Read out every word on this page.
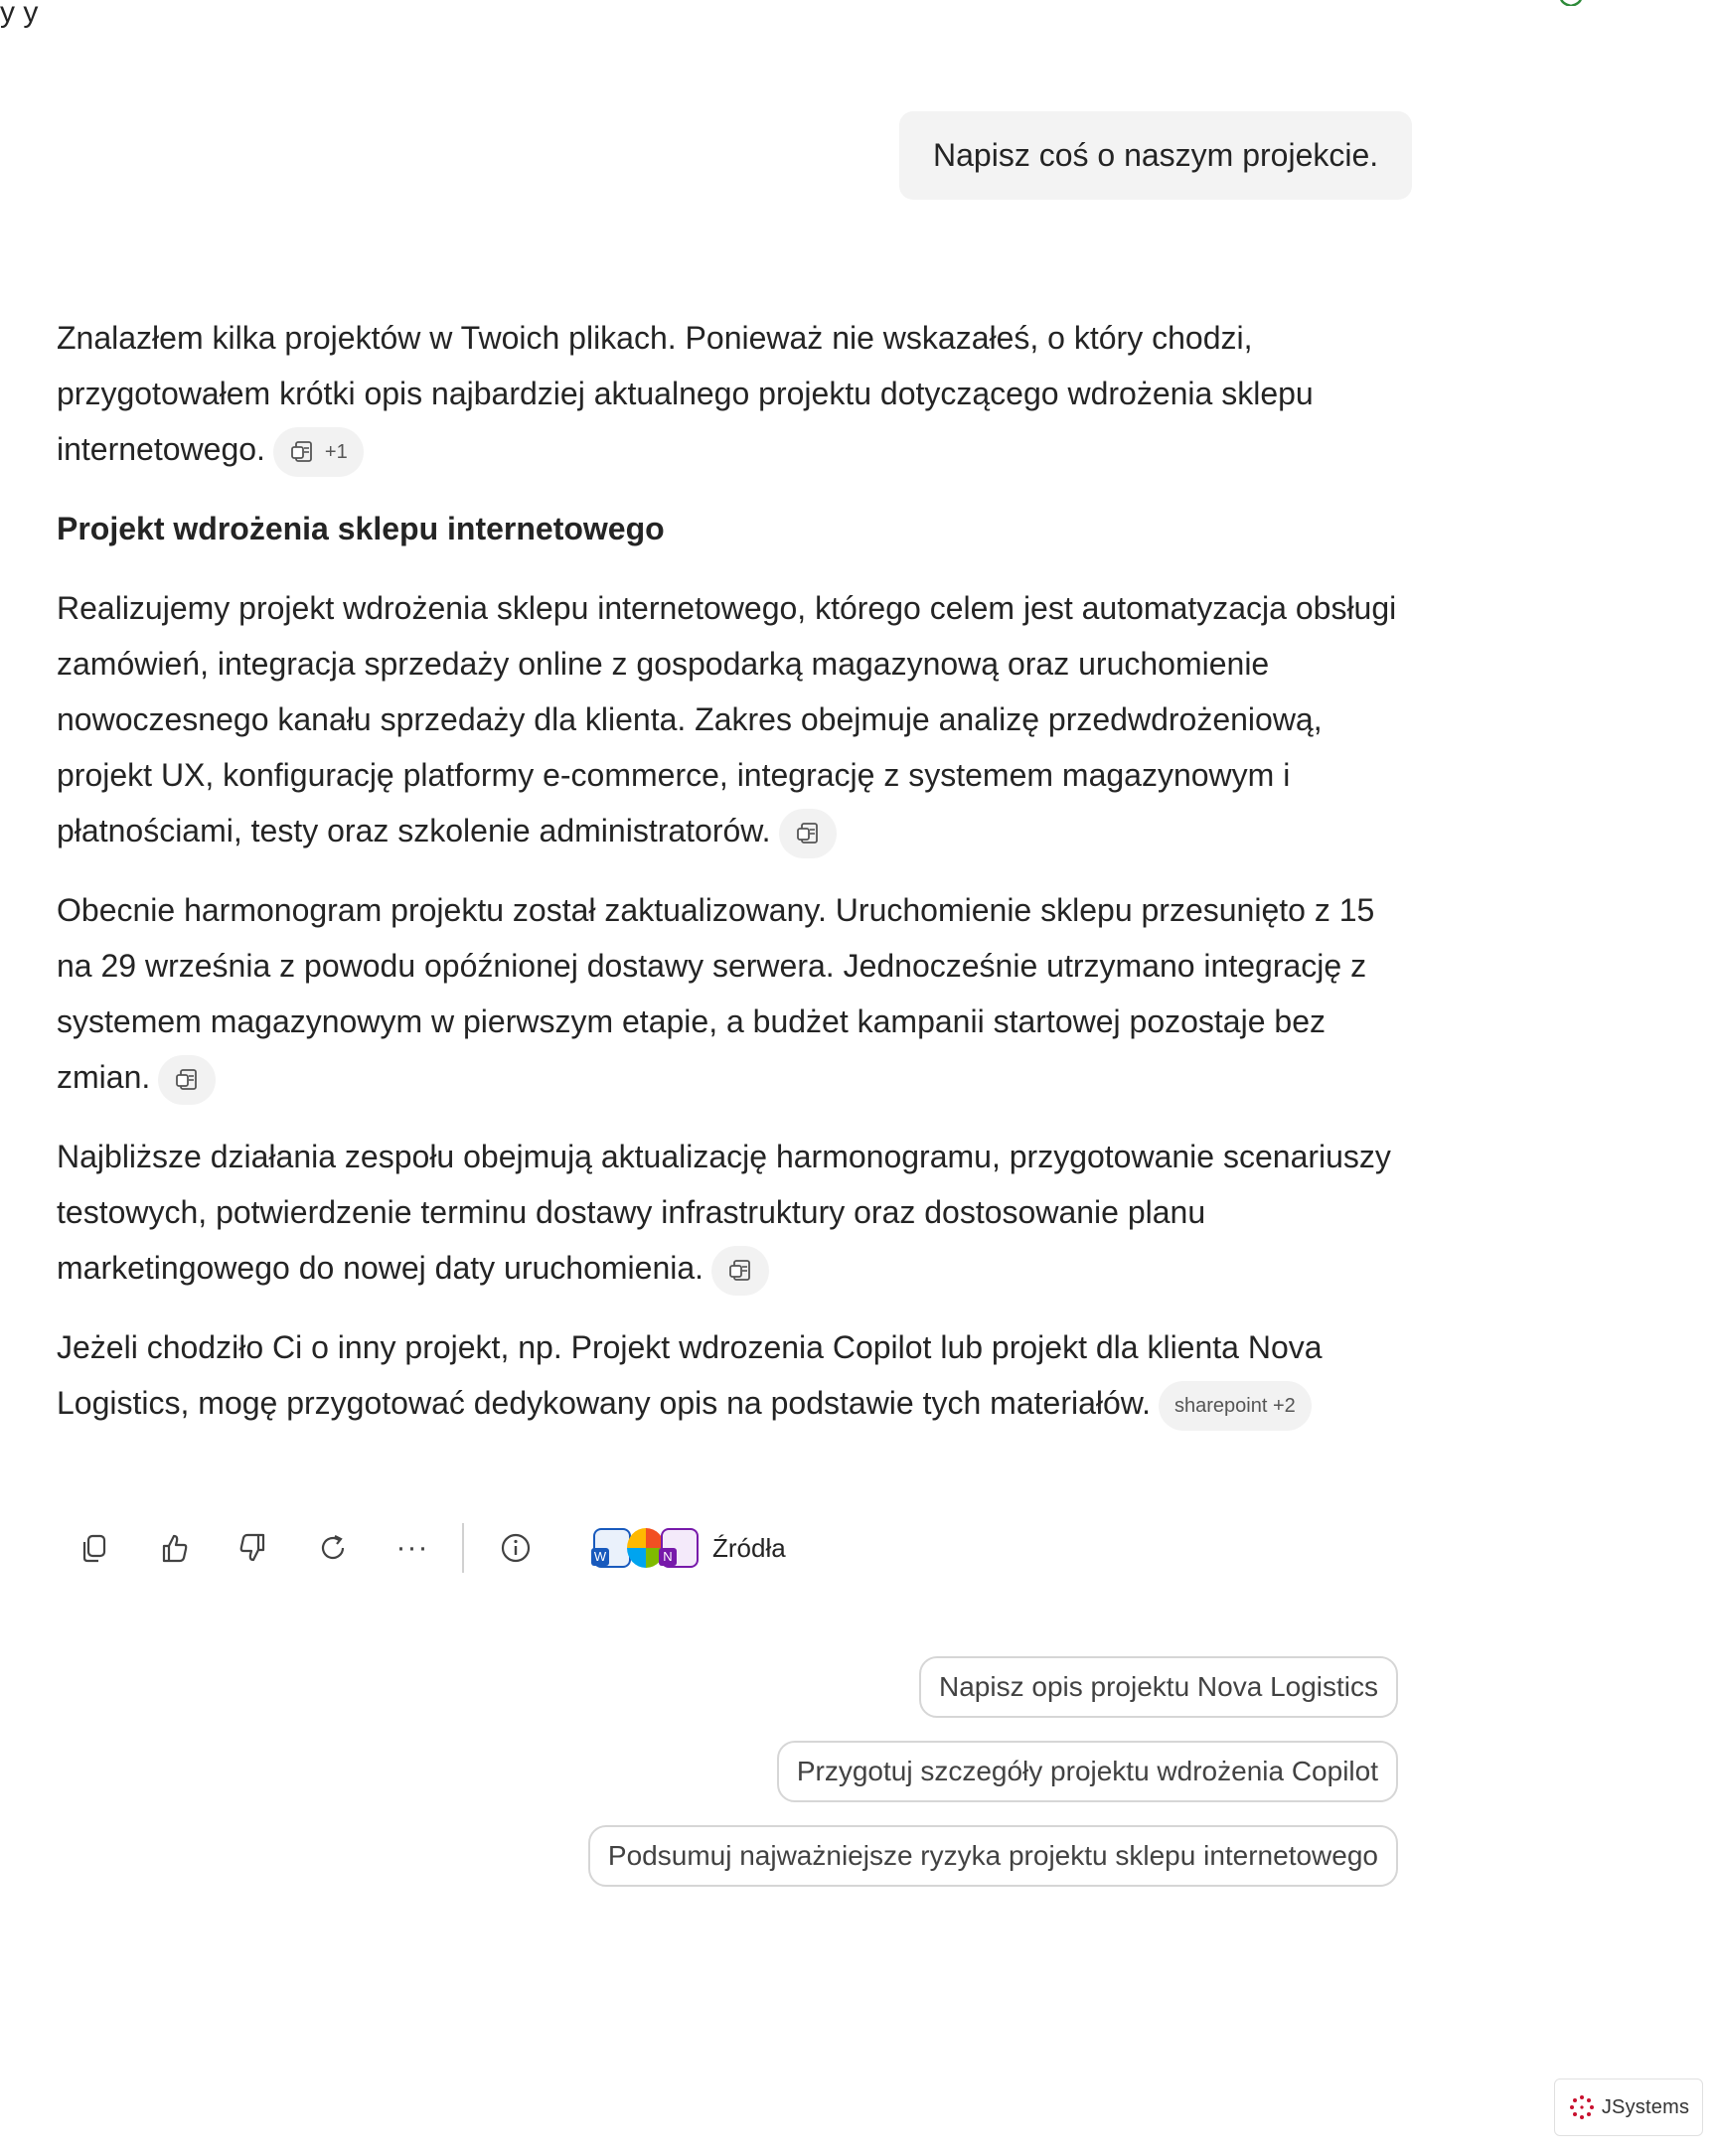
y y
Napisz coś o naszym projekcie.

Znalazłem kilka projektów w Twoich plikach. Ponieważ nie wskazałeś, o który chodzi, przygotowałem krótki opis najbardziej aktualnego projektu dotyczącego wdrożenia sklepu internetowego.	+1

Projekt wdrożenia sklepu internetowego

Realizujemy projekt wdrożenia sklepu internetowego, którego celem jest automatyzacja obsługi zamówień, integracja sprzedaży online z gospodarką magazynową oraz uruchomienie nowoczesnego kanału sprzedaży dla klienta. Zakres obejmuje analizę przedwdrożeniową, projekt UX, konfigurację platformy e-commerce, integrację z systemem magazynowym i płatnościami, testy oraz szkolenie administratorów.

Obecnie harmonogram projektu został zaktualizowany. Uruchomienie sklepu przesunięto z 15 na 29 września z powodu opóźnionej dostawy serwera. Jednocześnie utrzymano integrację z systemem magazynowym w pierwszym etapie, a budżet kampanii startowej pozostaje bez zmian.

Najbliższe działania zespołu obejmują aktualizację harmonogramu, przygotowanie scenariuszy testowych, potwierdzenie terminu dostawy infrastruktury oraz dostosowanie planu marketingowego do nowej daty uruchomienia.

Jeżeli chodziło Ci o inny projekt, np. Projekt wdrozenia Copilot lub projekt dla klienta Nova Logistics, mogę przygotować dedykowany opis na podstawie tych materiałów. sharepoint +2

···	W	N Źródła
Napisz opis projektu Nova Logistics
Przygotuj szczegóły projektu wdrożenia Copilot
Podsumuj najważniejsze ryzyka projektu sklepu internetowego
JSystems
